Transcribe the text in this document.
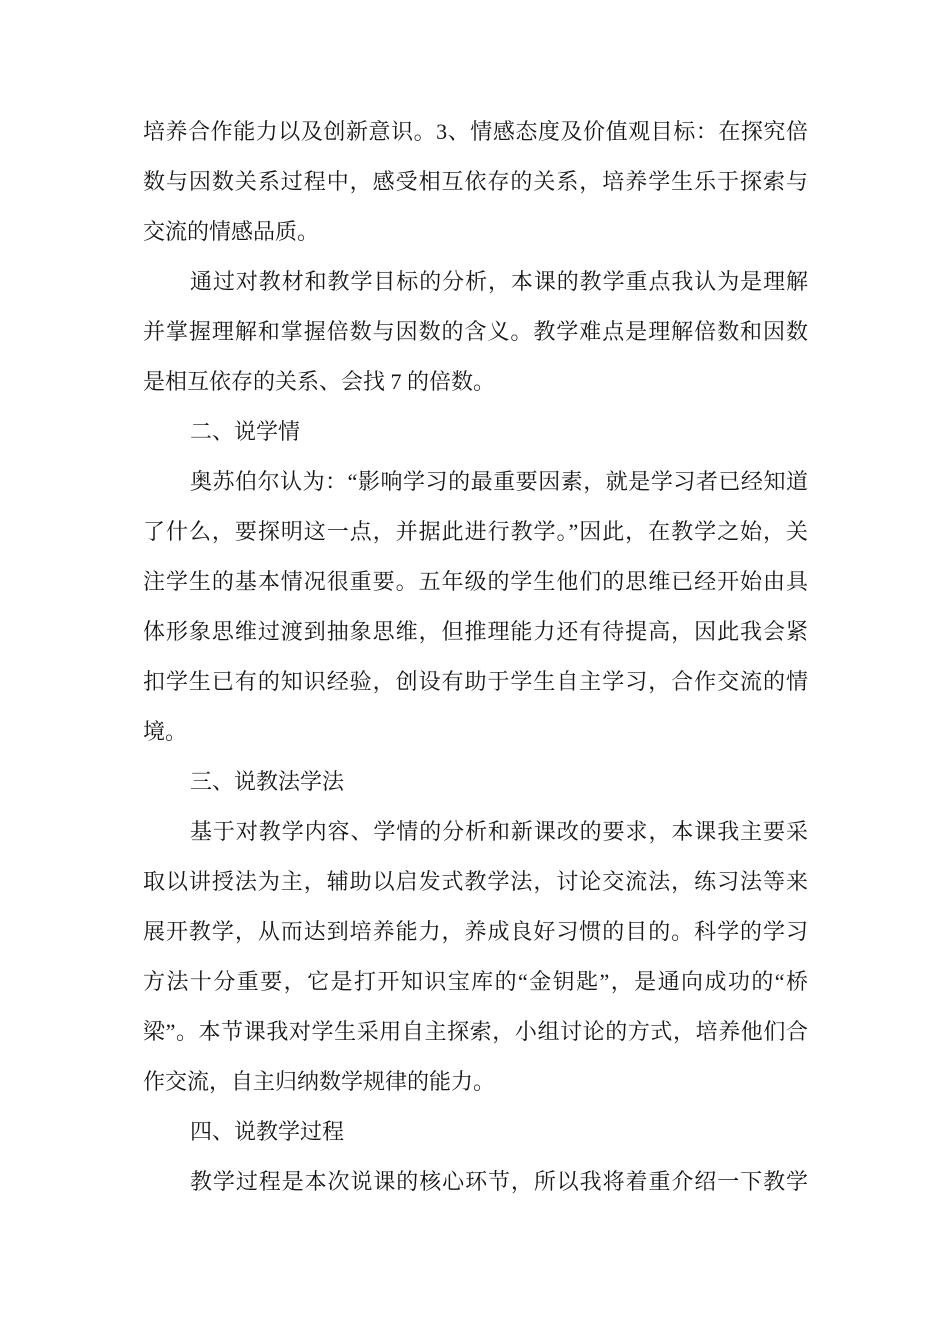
培养合作能力以及创新意识。3、情感态度及价值观目标：在探究倍
数与因数关系过程中，感受相互依存的关系，培养学生乐于探索与
交流的情感品质。
通过对教材和教学目标的分析，本课的教学重点我认为是理解
并掌握理解和掌握倍数与因数的含义。教学难点是理解倍数和因数
是相互依存的关系、会找 7 的倍数。
二、说学情
奥苏伯尔认为：“影响学习的最重要因素，就是学习者已经知道
了什么，要探明这一点，并据此进行教学。”因此，在教学之始，关
注学生的基本情况很重要。五年级的学生他们的思维已经开始由具
体形象思维过渡到抽象思维，但推理能力还有待提高，因此我会紧
扣学生已有的知识经验，创设有助于学生自主学习，合作交流的情
境。
三、说教法学法
基于对教学内容、学情的分析和新课改的要求，本课我主要采
取以讲授法为主，辅助以启发式教学法，讨论交流法，练习法等来
展开教学，从而达到培养能力，养成良好习惯的目的。科学的学习
方法十分重要，它是打开知识宝库的“金钥匙”，是通向成功的“桥
梁”。本节课我对学生采用自主探索，小组讨论的方式，培养他们合
作交流，自主归纳数学规律的能力。
四、说教学过程
教学过程是本次说课的核心环节，所以我将着重介绍一下教学
